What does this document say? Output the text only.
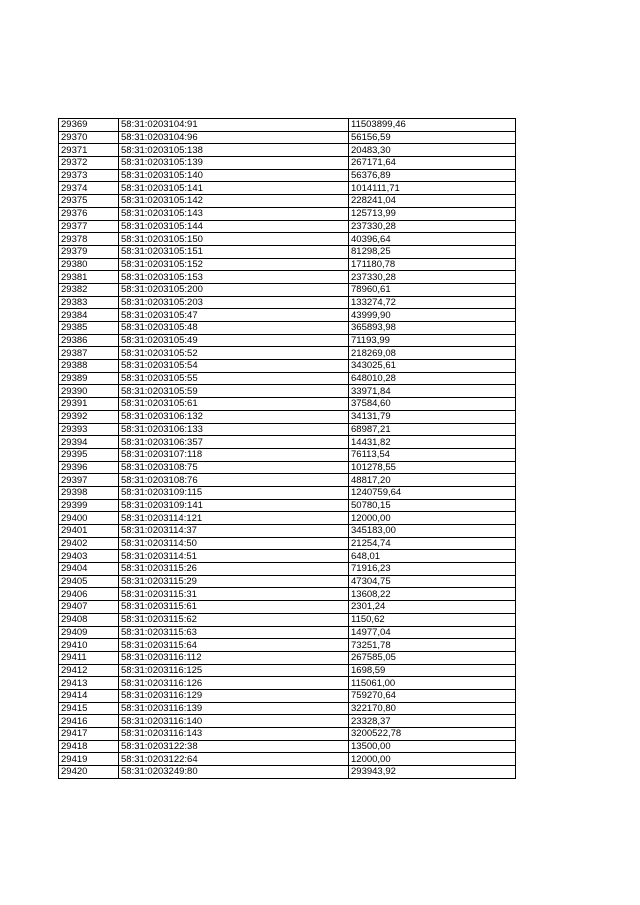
29369	58:31:0203104:91	11503899,46
29370	58:31:0203104:96	56156,59
29371	58:31:0203105:138	20483,30
29372	58:31:0203105:139	267171,64
29373	58:31:0203105:140	56376,89
29374	58:31:0203105:141	1014111,71
29375	58:31:0203105:142	228241,04
29376	58:31:0203105:143	125713,99
29377	58:31:0203105:144	237330,28
29378	58:31:0203105:150	40396,64
29379	58:31:0203105:151	81298,25
29380	58:31:0203105:152	171180,78
29381	58:31:0203105:153	237330,28
29382	58:31:0203105:200	78960,61
29383	58:31:0203105:203	133274,72
29384	58:31:0203105:47	43999,90
29385	58:31:0203105:48	365893,98
29386	58:31:0203105:49	71193,99
29387	58:31:0203105:52	218269,08
29388	58:31:0203105:54	343025,61
29389	58:31:0203105:55	648010,28
29390	58:31:0203105:59	33971,84
29391	58:31:0203105:61	37584,60
29392	58:31:0203106:132	34131,79
29393	58:31:0203106:133	68987,21
29394	58:31:0203106:357	14431,82
29395	58:31:0203107:118	76113,54
29396	58:31:0203108:75	101278,55
29397	58:31:0203108:76	48817,20
29398	58:31:0203109:115	1240759,64
29399	58:31:0203109:141	50780,15
29400	58:31:0203114:121	12000,00
29401	58:31:0203114:37	345183,00
29402	58:31:0203114:50	21254,74
29403	58:31:0203114:51	648,01
29404	58:31:0203115:26	71916,23
29405	58:31:0203115:29	47304,75
29406	58:31:0203115:31	13608,22
29407	58:31:0203115:61	2301,24
29408	58:31:0203115:62	1150,62
29409	58:31:0203115:63	14977,04
29410	58:31:0203115:64	73251,78
29411	58:31:0203116:112	267585,05
29412	58:31:0203116:125	1698,59
29413	58:31:0203116:126	115061,00
29414	58:31:0203116:129	759270,64
29415	58:31:0203116:139	322170,80
29416	58:31:0203116:140	23328,37
29417	58:31:0203116:143	3200522,78
29418	58:31:0203122:38	13500,00
29419	58:31:0203122:64	12000,00
29420	58:31:0203249:80	293943,92
